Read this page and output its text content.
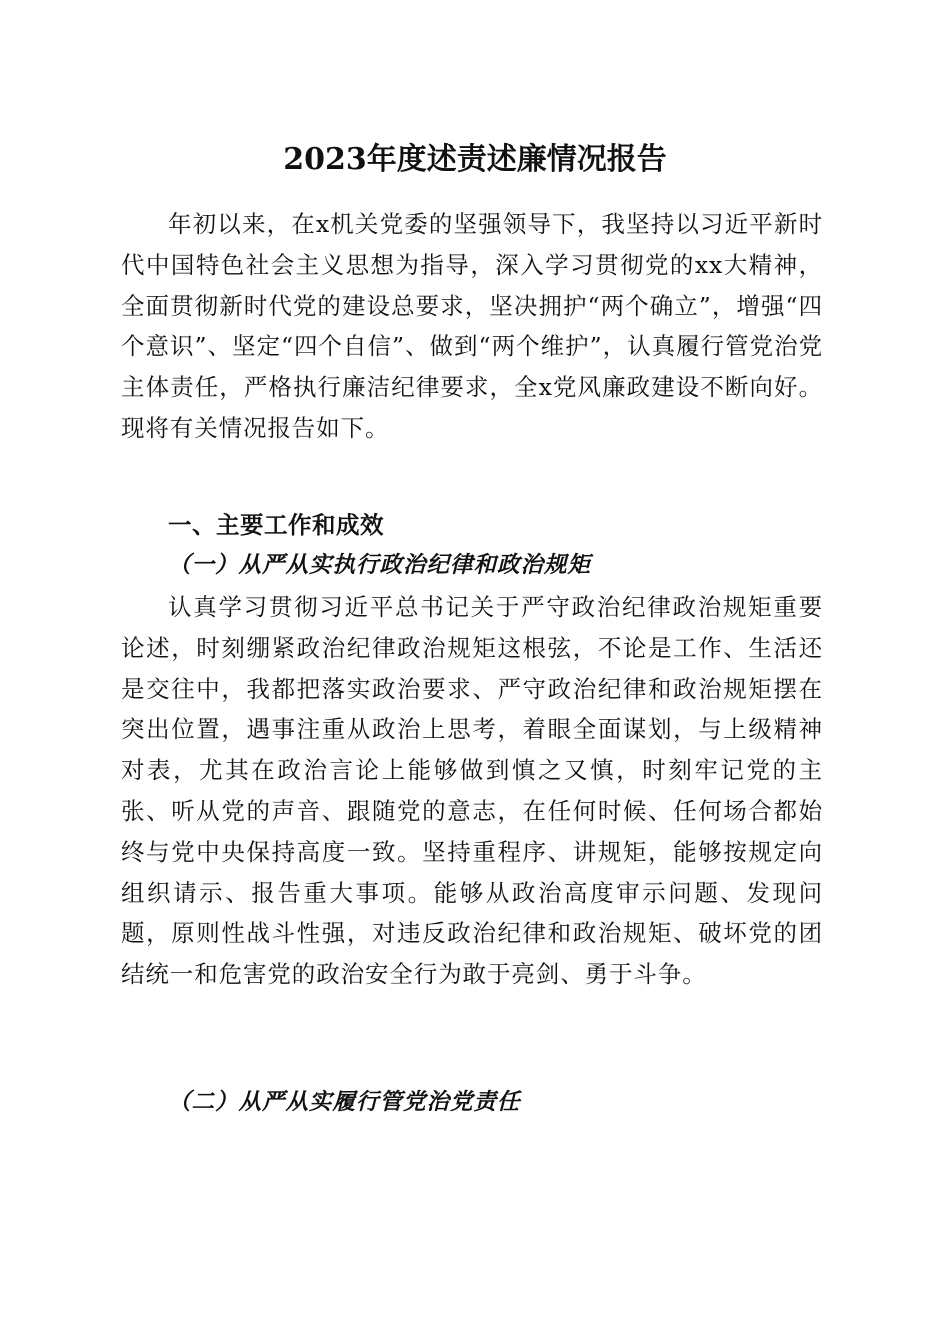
2023年度述责述廉情况报告

年初以来，在x机关党委的坚强领导下，我坚持以习近平新时代中国特色社会主义思想为指导，深入学习贯彻党的xx大精神，全面贯彻新时代党的建设总要求，坚决拥护“两个确立”，增强“四个意识”、坚定“四个自信”、做到“两个维护”，认真履行管党治党主体责任，严格执行廉洁纪律要求，全x党风廉政建设不断向好。现将有关情况报告如下。

一、主要工作和成效
（一）从严从实执行政治纪律和政治规矩

认真学习贯彻习近平总书记关于严守政治纪律政治规矩重要论述，时刻绷紧政治纪律政治规矩这根弦，不论是工作、生活还是交往中，我都把落实政治要求、严守政治纪律和政治规矩摆在突出位置，遇事注重从政治上思考，着眼全面谋划，与上级精神对表，尤其在政治言论上能够做到慎之又慎，时刻牢记党的主张、听从党的声音、跟随党的意志，在任何时候、任何场合都始终与党中央保持高度一致。坚持重程序、讲规矩，能够按规定向组织请示、报告重大事项。能够从政治高度审示问题、发现问题，原则性战斗性强，对违反政治纪律和政治规矩、破坏党的团结统一和危害党的政治安全行为敢于亮剑、勇于斗争。

（二）从严从实履行管党治党责任
